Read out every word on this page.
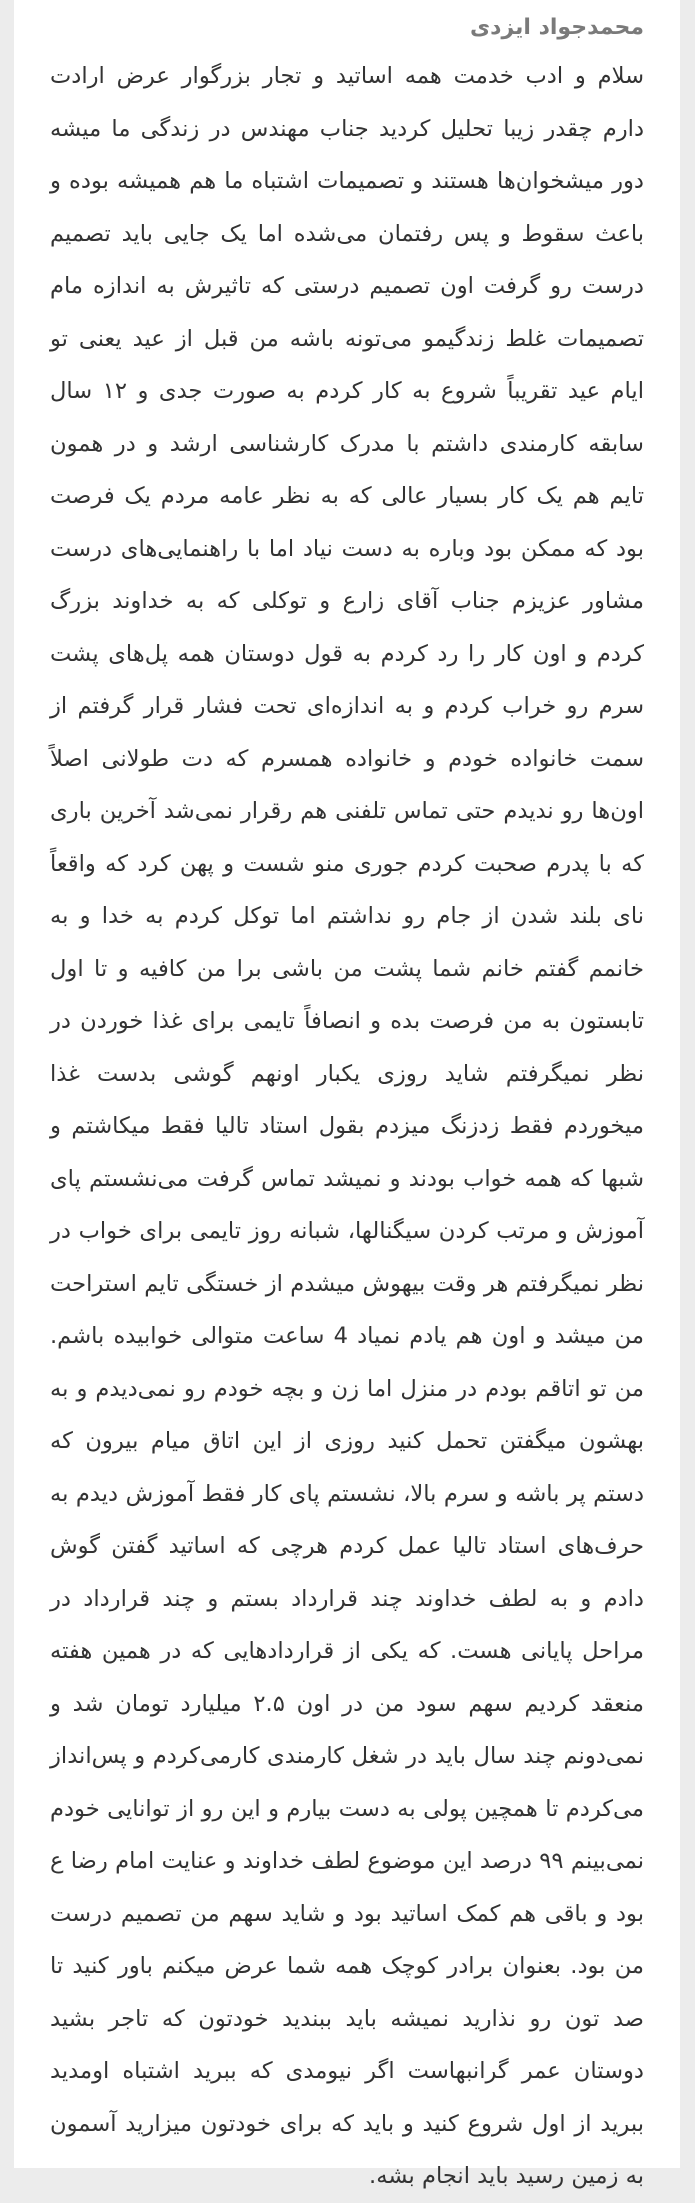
محمدجواد ایزدی

سلام و ادب خدمت همه اساتید و تجار بزرگوار عرض ارادت دارم چقدر زیبا تحلیل کردید جناب مهندس در زندگی ما میشه دور میشخوان‌ها هستند و تصمیمات اشتباه ما هم همیشه بوده و باعث سقوط و پس رفتمان می‌شده اما یک جایی باید تصمیم درست رو گرفت اون تصمیم درستی که تاثیرش به اندازه مام تصمیمات غلط زندگیمو می‌تونه باشه من قبل از عید یعنی تو ایام عید تقریباً شروع به کار کردم به صورت جدی و ۱۲ سال سابقه کارمندی داشتم با مدرک کارشناسی ارشد و در همون تایم هم یک کار بسیار عالی که به نظر عامه مردم یک فرصت بود که ممکن بود وباره به دست نیاد اما با راهنمایی‌های درست مشاور عزیزم جناب آقای زارع و توکلی که به خداوند بزرگ کردم و اون کار را رد کردم به قول دوستان همه پل‌های پشت سرم رو خراب کردم و به اندازه‌ای تحت فشار قرار گرفتم از سمت خانواده خودم و خانواده همسرم که دت طولانی اصلاً اون‌ها رو ندیدم حتی تماس تلفنی هم رقرار نمی‌شد آخرین باری که با پدرم صحبت کردم جوری منو شست و پهن کرد که واقعاً نای بلند شدن از جام رو نداشتم اما توکل کردم به خدا و به خانمم گفتم خانم شما پشت من باشی برا من کافیه و تا اول تابستون به من فرصت بده و انصافاً تایمی برای غذا خوردن در نظر نمیگرفتم شاید روزی یکبار اونهم گوشی بدست غذا میخوردم فقط زدزنگ میزدم بقول استاد تالیا فقط میکاشتم و شبها که همه خواب بودند و نمیشد تماس گرفت می‌نشستم پای آموزش و مرتب کردن سیگنالها، شبانه روز تایمی برای خواب در نظر نمیگرفتم هر وقت بیهوش میشدم از خستگی تایم استراحت من میشد و اون هم یادم نمیاد 4 ساعت متوالی خوابیده باشم. من تو اتاقم بودم در منزل اما زن و بچه خودم رو نمی‌دیدم و به بهشون میگفتن تحمل کنید روزی از این اتاق میام بیرون که دستم پر باشه و سرم بالا، نشستم پای کار فقط آموزش دیدم به حرف‌های استاد تالیا عمل کردم هرچی که اساتید گفتن گوش دادم و به لطف خداوند چند قرارداد بستم و چند قرارداد در مراحل پایانی هست. که یکی از قراردادهایی که در همین هفته منعقد کردیم سهم سود من در اون ۲.۵ میلیارد تومان شد و نمی‌دونم چند سال باید در شغل کارمندی کارمی‌کردم و پس‌انداز می‌کردم تا همچین پولی به دست بیارم و این رو از توانایی خودم نمی‌بینم ۹۹ درصد این موضوع لطف خداوند و عنایت امام رضا ع بود و باقی هم کمک اساتید بود و شاید سهم من تصمیم درست من بود. بعنوان برادر کوچک همه شما عرض میکنم باور کنید تا صد تون رو نذارید نمیشه باید ببندید خودتون که تاجر بشید دوستان عمر گرانبهاست اگر نیومدی که ببرید اشتباه اومدید ببرید از اول شروع کنید و باید که برای خودتون میزارید آسمون به زمین رسید باید انجام بشه.
